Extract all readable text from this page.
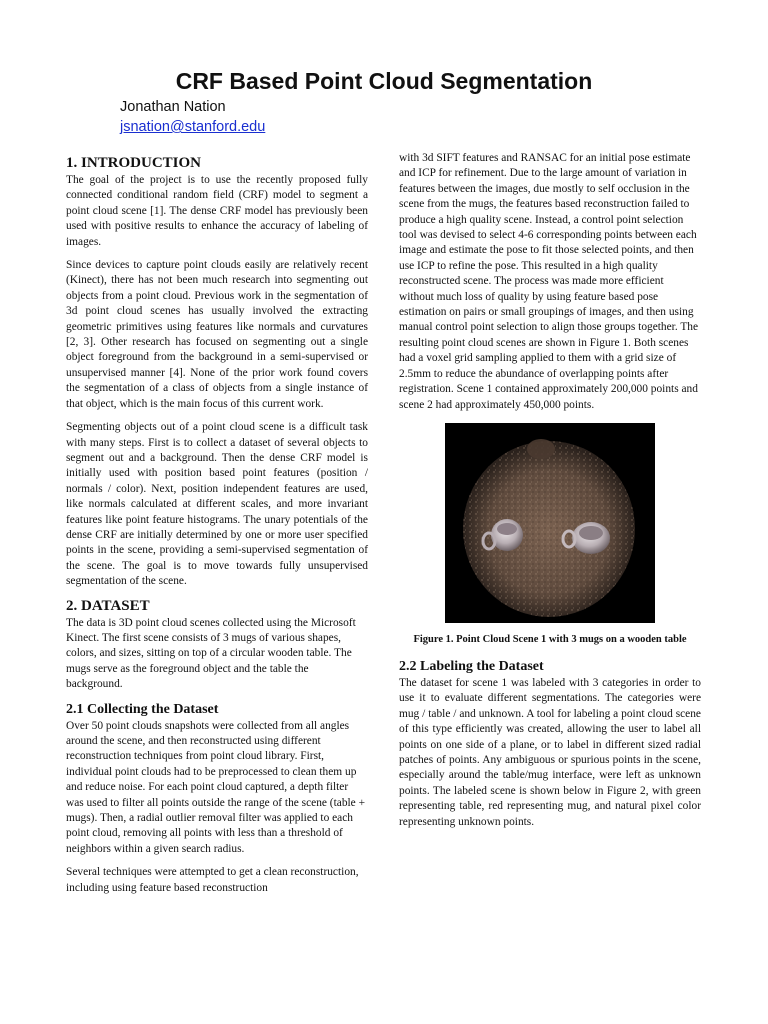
CRF Based Point Cloud Segmentation
Jonathan Nation
jsnation@stanford.edu
1. INTRODUCTION

The goal of the project is to use the recently proposed fully connected conditional random field (CRF) model to segment a point cloud scene [1]. The dense CRF model has previously been used with positive results to enhance the accuracy of labeling of images.

Since devices to capture point clouds easily are relatively recent (Kinect), there has not been much research into segmenting out objects from a point cloud. Previous work in the segmentation of 3d point cloud scenes has usually involved the extracting geometric primitives using features like normals and curvatures [2, 3]. Other research has focused on segmenting out a single object foreground from the background in a semi-supervised or unsupervised manner [4]. None of the prior work found covers the segmentation of a class of objects from a single instance of that object, which is the main focus of this current work.

Segmenting objects out of a point cloud scene is a difficult task with many steps. First is to collect a dataset of several objects to segment out and a background. Then the dense CRF model is initially used with position based point features (position / normals / color). Next, position independent features are used, like normals calculated at different scales, and more invariant features like point feature histograms. The unary potentials of the dense CRF are initially determined by one or more user specified points in the scene, providing a semi-supervised segmentation of the scene. The goal is to move towards fully unsupervised segmentation of the scene.

2. DATASET

The data is 3D point cloud scenes collected using the Microsoft Kinect. The first scene consists of 3 mugs of various shapes, colors, and sizes, sitting on top of a circular wooden table. The mugs serve as the foreground object and the table the background.

2.1 Collecting the Dataset

Over 50 point clouds snapshots were collected from all angles around the scene, and then reconstructed using different reconstruction techniques from point cloud library. First, individual point clouds had to be preprocessed to clean them up and reduce noise. For each point cloud captured, a depth filter was used to filter all points outside the range of the scene (table + mugs). Then, a radial outlier removal filter was applied to each point cloud, removing all points with less than a threshold of neighbors within a given search radius.

Several techniques were attempted to get a clean reconstruction, including using feature based reconstruction

with 3d SIFT features and RANSAC for an initial pose estimate and ICP for refinement. Due to the large amount of variation in features between the images, due mostly to self occlusion in the scene from the mugs, the features based reconstruction failed to produce a high quality scene. Instead, a control point selection tool was devised to select 4-6 corresponding points between each image and estimate the pose to fit those selected points, and then use ICP to refine the pose. This resulted in a high quality reconstructed scene. The process was made more efficient without much loss of quality by using feature based pose estimation on pairs or small groupings of images, and then using manual control point selection to align those groups together. The resulting point cloud scenes are shown in Figure 1. Both scenes had a voxel grid sampling applied to them with a grid size of 2.5mm to reduce the abundance of overlapping points after registration. Scene 1 contained approximately 200,000 points and scene 2 had approximately 450,000 points.

Figure 1. Point Cloud Scene 1 with 3 mugs on a wooden table
2.2 Labeling the Dataset

The dataset for scene 1 was labeled with 3 categories in order to use it to evaluate different segmentations. The categories were mug / table / and unknown. A tool for labeling a point cloud scene of this type efficiently was created, allowing the user to label all points on one side of a plane, or to label in different sized radial patches of points. Any ambiguous or spurious points in the scene, especially around the table/mug interface, were left as unknown points. The labeled scene is shown below in Figure 2, with green representing table, red representing mug, and natural pixel color representing unknown points.
